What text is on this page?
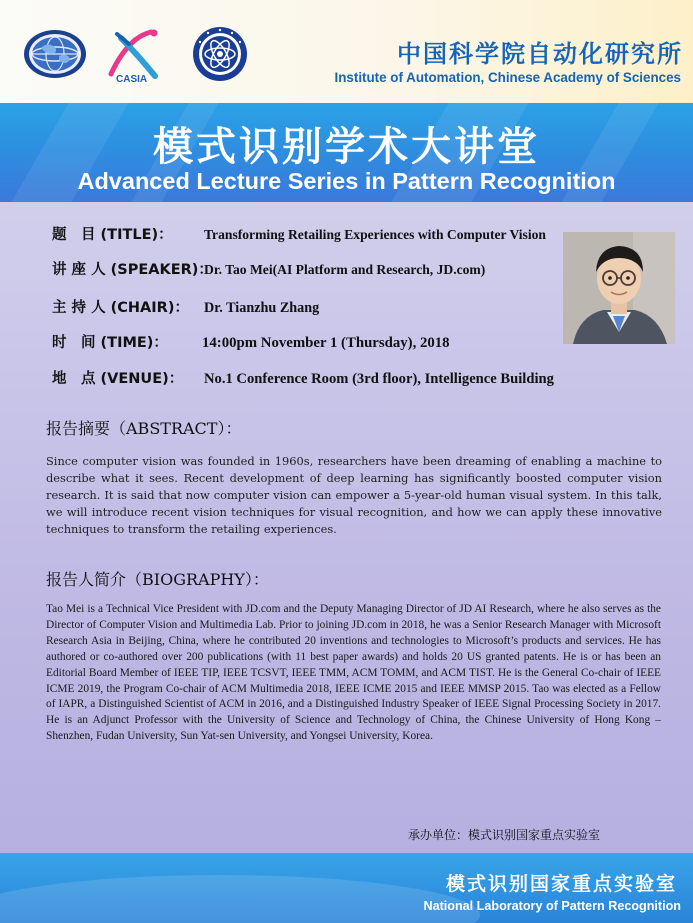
CASIA
中国科学院自动化研究所
Institute of Automation, Chinese Academy of Sciences
模式识别学术大讲堂
Advanced Lecture Series in Pattern Recognition
题　目 (TITLE)： Transforming Retailing Experiences with Computer Vision
讲 座 人 (SPEAKER)：
Dr. Tao Mei(AI Platform and Research, JD.com)
主 持 人 (CHAIR)： Dr. Tianzhu Zhang
时　间 (TIME)： 14:00pm November 1 (Thursday), 2018
地　点 (VENUE)： No.1 Conference Room (3rd floor), Intelligence Building
报告摘要（ABSTRACT）：
Since computer vision was founded in 1960s, researchers have been dreaming of enabling a machine to describe what it sees. Recent development of deep learning has significantly boosted computer vision research. It is said that now computer vision can empower a 5-year-old human visual system. In this talk, we will introduce recent vision techniques for visual recognition, and how we can apply these innovative techniques to transform the retailing experiences.
报告人简介（BIOGRAPHY）：
Tao Mei is a Technical Vice President with JD.com and the Deputy Managing Director of JD AI Research, where he also serves as the Director of Computer Vision and Multimedia Lab. Prior to joining JD.com in 2018, he was a Senior Research Manager with Microsoft Research Asia in Beijing, China, where he contributed 20 inventions and technologies to Microsoft’s products and services. He has authored or co-authored over 200 publications (with 11 best paper awards) and holds 20 US granted patents. He is or has been an Editorial Board Member of IEEE TIP, IEEE TCSVT, IEEE TMM, ACM TOMM, and ACM TIST. He is the General Co-chair of IEEE ICME 2019, the Program Co-chair of ACM Multimedia 2018, IEEE ICME 2015 and IEEE MMSP 2015. Tao was elected as a Fellow of IAPR, a Distinguished Scientist of ACM in 2016, and a Distinguished Industry Speaker of IEEE Signal Processing Society in 2017. He is an Adjunct Professor with the University of Science and Technology of China, the Chinese University of Hong Kong – Shenzhen, Fudan University, Sun Yat-sen University, and Yongsei University, Korea.
承办单位：模式识别国家重点实验室
模式识别国家重点实验室
National Laboratory of Pattern Recognition
